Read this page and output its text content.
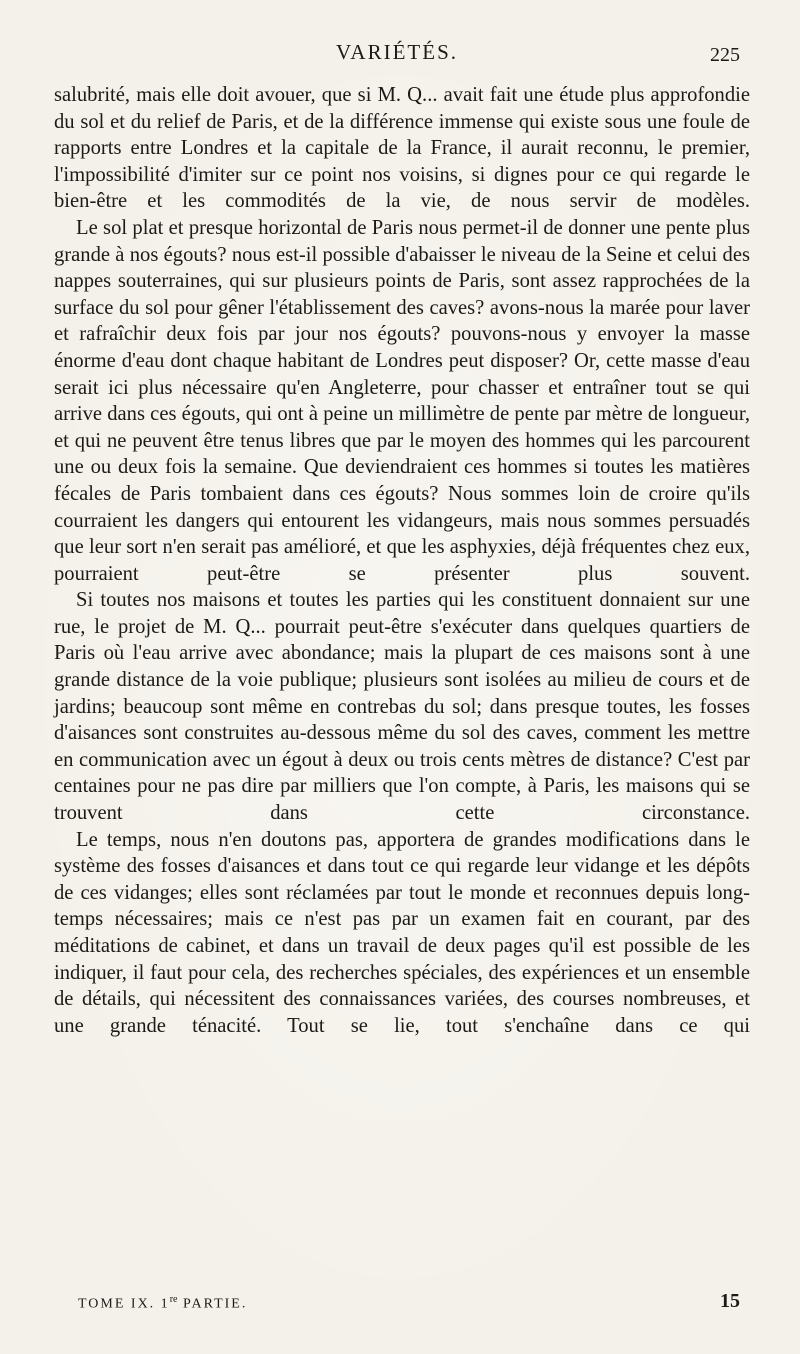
VARIÉTÉS.	225

salubrité, mais elle doit avouer, que si M. Q... avait fait une étude plus approfondie du sol et du relief de Paris, et de la différence immense qui existe sous une foule de rapports entre Londres et la capitale de la France, il aurait reconnu, le premier, l'impossibilité d'imiter sur ce point nos voisins, si dignes pour ce qui regarde le bien-être et les commodités de la vie, de nous servir de modèles.

Le sol plat et presque horizontal de Paris nous permet-il de donner une pente plus grande à nos égouts? nous est-il possible d'abaisser le niveau de la Seine et celui des nappes souterraines, qui sur plusieurs points de Paris, sont assez rapprochées de la surface du sol pour gêner l'établissement des caves? avons-nous la marée pour laver et rafraîchir deux fois par jour nos égouts? pouvons-nous y envoyer la masse énorme d'eau dont chaque habitant de Londres peut disposer? Or, cette masse d'eau serait ici plus nécessaire qu'en Angleterre, pour chasser et entraîner tout se qui arrive dans ces égouts, qui ont à peine un millimètre de pente par mètre de longueur, et qui ne peuvent être tenus libres que par le moyen des hommes qui les parcourent une ou deux fois la semaine. Que deviendraient ces hommes si toutes les matières fécales de Paris tombaient dans ces égouts? Nous sommes loin de croire qu'ils courraient les dangers qui entourent les vidangeurs, mais nous sommes persuadés que leur sort n'en serait pas amélioré, et que les asphyxies, déjà fréquentes chez eux, pourraient peut-être se présenter plus souvent.

Si toutes nos maisons et toutes les parties qui les constituent donnaient sur une rue, le projet de M. Q... pourrait peut-être s'exécuter dans quelques quartiers de Paris où l'eau arrive avec abondance; mais la plupart de ces maisons sont à une grande distance de la voie publique; plusieurs sont isolées au milieu de cours et de jardins; beaucoup sont même en contrebas du sol; dans presque toutes, les fosses d'aisances sont construites au-dessous même du sol des caves, comment les mettre en communication avec un égout à deux ou trois cents mètres de distance? C'est par centaines pour ne pas dire par milliers que l'on compte, à Paris, les maisons qui se trouvent dans cette circonstance.

Le temps, nous n'en doutons pas, apportera de grandes modifications dans le système des fosses d'aisances et dans tout ce qui regarde leur vidange et les dépôts de ces vidanges; elles sont réclamées par tout le monde et reconnues depuis long-temps nécessaires; mais ce n'est pas par un examen fait en courant, par des méditations de cabinet, et dans un travail de deux pages qu'il est possible de les indiquer, il faut pour cela, des recherches spéciales, des expériences et un ensemble de détails, qui nécessitent des connaissances variées, des courses nombreuses, et une grande ténacité. Tout se lie, tout s'enchaîne dans ce qui

TOME IX. 1re PARTIE.	15
